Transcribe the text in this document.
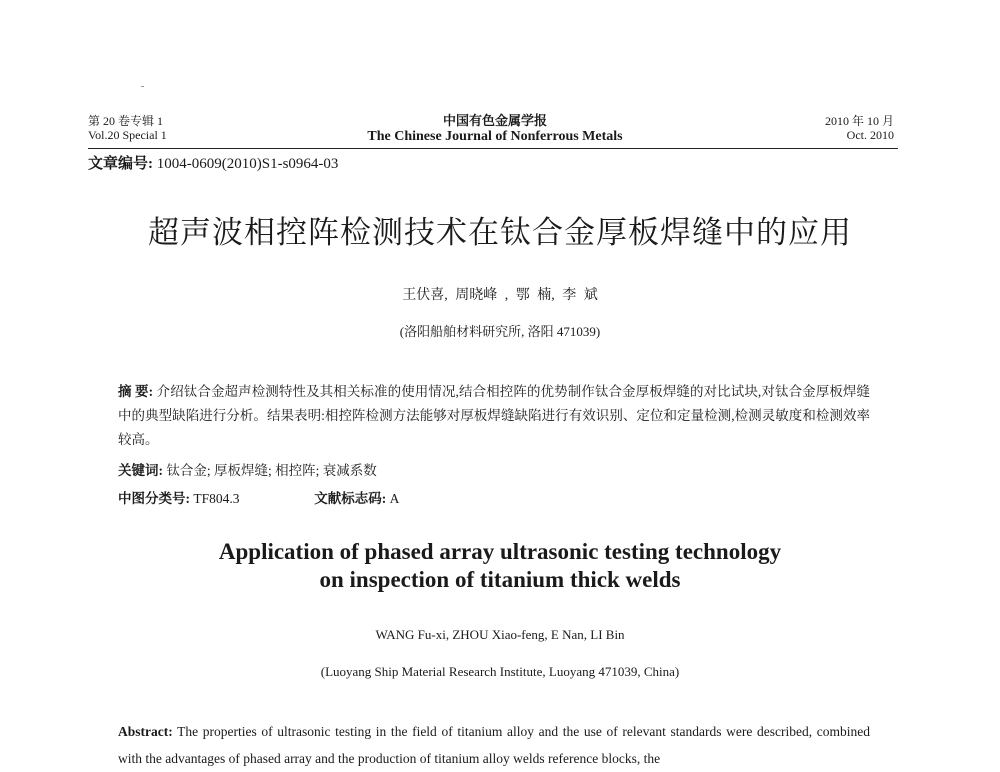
第 20 卷专辑 1
Vol.20 Special 1
中国有色金属学报
The Chinese Journal of Nonferrous Metals
2010 年 10 月
Oct. 2010
文章编号: 1004-0609(2010)S1-s0964-03
超声波相控阵检测技术在钛合金厚板焊缝中的应用
王伏喜, 周晓峰 , 鄂 楠, 李 斌
(洛阳船舶材料研究所, 洛阳 471039)
摘 要: 介绍钛合金超声检测特性及其相关标准的使用情况,结合相控阵的优势制作钛合金厚板焊缝的对比试块,对钛合金厚板焊缝中的典型缺陷进行分析。结果表明:相控阵检测方法能够对厚板焊缝缺陷进行有效识别、定位和定量检测,检测灵敏度和检测效率较高。
关键词: 钛合金; 厚板焊缝; 相控阵; 衰减系数
中图分类号: TF804.3	文献标志码: A
Application of phased array ultrasonic testing technology
on inspection of titanium thick welds
WANG Fu-xi, ZHOU Xiao-feng, E Nan, LI Bin
(Luoyang Ship Material Research Institute, Luoyang 471039, China)
Abstract: The properties of ultrasonic testing in the field of titanium alloy and the use of relevant standards were described, combined with the advantages of phased array and the production of titanium alloy welds reference blocks, the
